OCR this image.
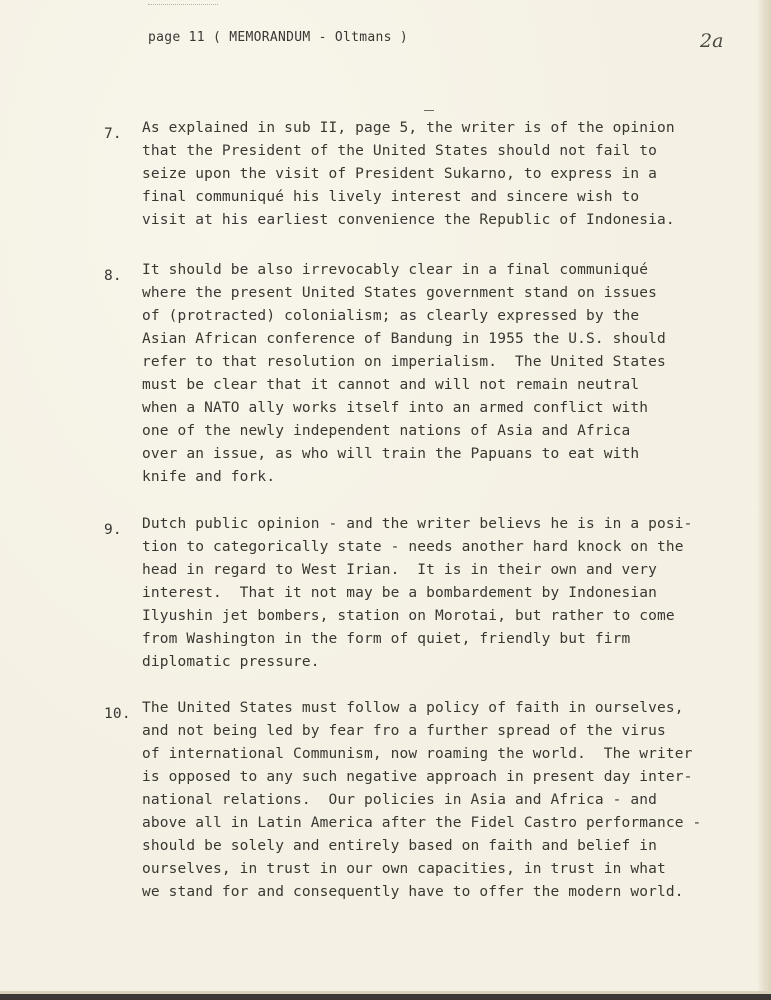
page 11 ( MEMORANDUM - Oltmans )	2a
7. As explained in sub II, page 5, the writer is of the opinion
that the President of the United States should not fail to
seize upon the visit of President Sukarno, to express in a
final communiqué his lively interest and sincere wish to
visit at his earliest convenience the Republic of Indonesia.
8. It should be also irrevocably clear in a final communiqué
where the present United States government stand on issues
of (protracted) colonialism; as clearly expressed by the
Asian African conference of Bandung in 1955 the U.S. should
refer to that resolution on imperialism.  The United States
must be clear that it cannot and will not remain neutral
when a NATO ally works itself into an armed conflict with
one of the newly independent nations of Asia and Africa
over an issue, as who will train the Papuans to eat with
knife and fork.
9. Dutch public opinion - and the writer believs he is in a posi-
tion to categorically state - needs another hard knock on the
head in regard to West Irian.  It is in their own and very
interest.  That it not may be a bombardement by Indonesian
Ilyushin jet bombers, station on Morotai, but rather to come
from Washington in the form of quiet, friendly but firm
diplomatic pressure.
10. The United States must follow a policy of faith in ourselves,
and not being led by fear fro a further spread of the virus
of international Communism, now roaming the world.  The writer
is opposed to any such negative approach in present day inter-
national relations.  Our policies in Asia and Africa - and
above all in Latin America after the Fidel Castro performance -
should be solely and entirely based on faith and belief in
ourselves, in trust in our own capacities, in trust in what
we stand for and consequently have to offer the modern world.
